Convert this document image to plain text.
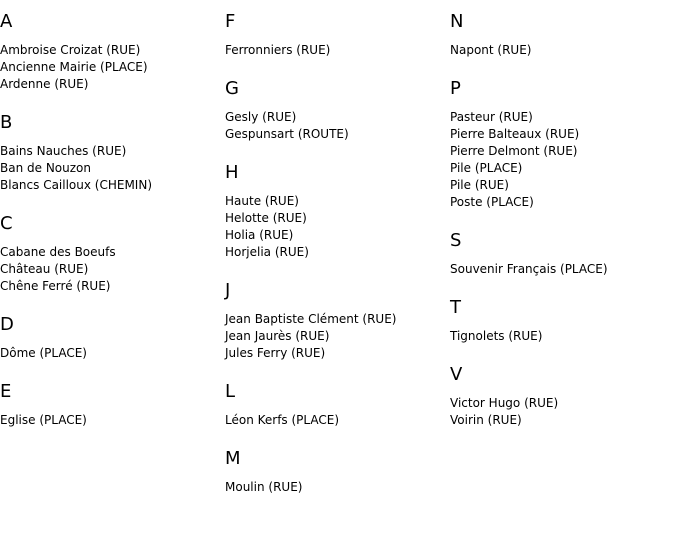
A
Ambroise Croizat (RUE)
Ancienne Mairie (PLACE)
Ardenne (RUE)
B
Bains Nauches (RUE)
Ban de Nouzon
Blancs Cailloux (CHEMIN)
C
Cabane des Boeufs
Château (RUE)
Chêne Ferré (RUE)
D
Dôme (PLACE)
E
Eglise (PLACE)
F
Ferronniers (RUE)
G
Gesly (RUE)
Gespunsart (ROUTE)
H
Haute (RUE)
Helotte (RUE)
Holia (RUE)
Horjelia (RUE)
J
Jean Baptiste Clément (RUE)
Jean Jaurès (RUE)
Jules Ferry (RUE)
L
Léon Kerfs (PLACE)
M
Moulin (RUE)
N
Napont (RUE)
P
Pasteur (RUE)
Pierre Balteaux (RUE)
Pierre Delmont (RUE)
Pile (PLACE)
Pile (RUE)
Poste (PLACE)
S
Souvenir Français (PLACE)
T
Tignolets (RUE)
V
Victor Hugo (RUE)
Voirin (RUE)
